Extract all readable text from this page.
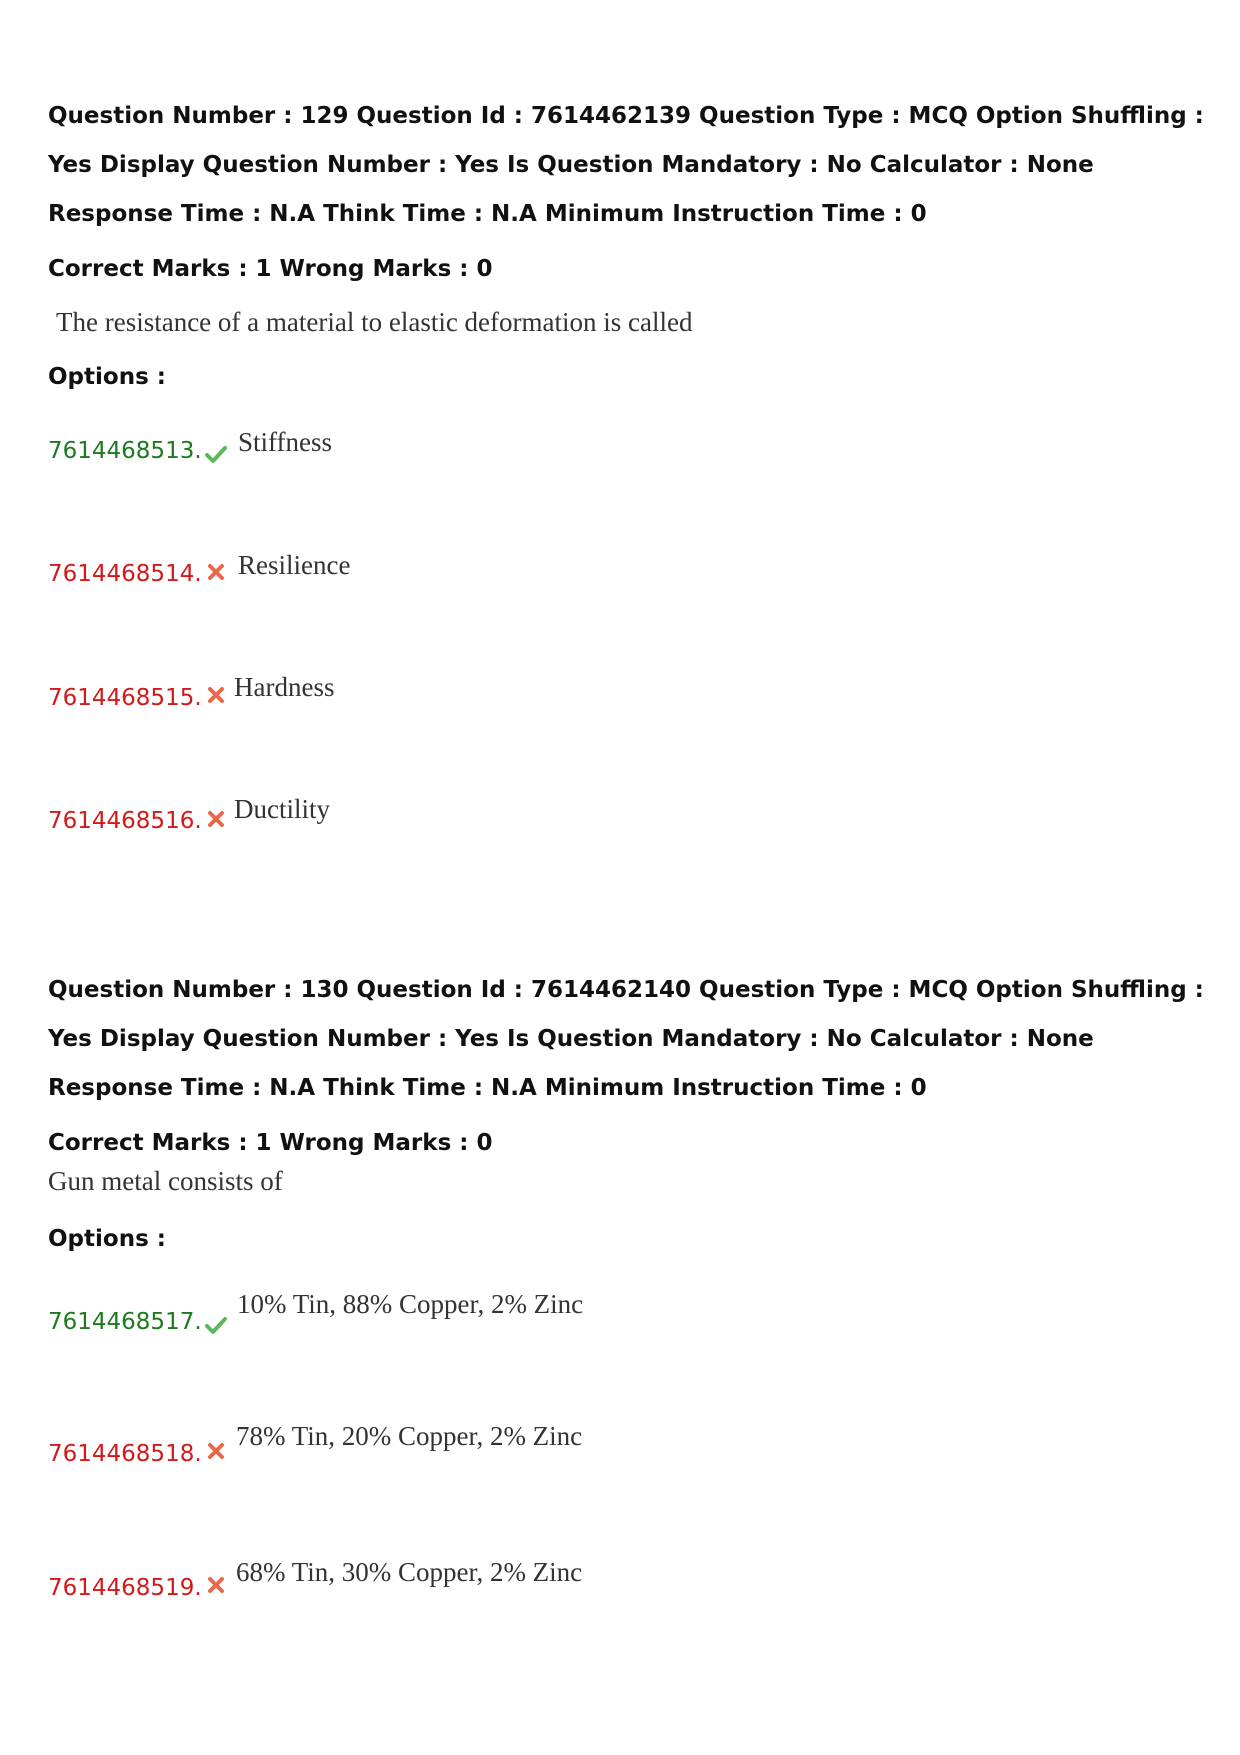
Question Number : 129 Question Id : 7614462139 Question Type : MCQ Option Shuffling : Yes Display Question Number : Yes Is Question Mandatory : No Calculator : None Response Time : N.A Think Time : N.A Minimum Instruction Time : 0
Correct Marks : 1 Wrong Marks : 0
The resistance of a material to elastic deformation is called
Options :
7614468513. Stiffness
7614468514. Resilience
7614468515. Hardness
7614468516. Ductility
Question Number : 130 Question Id : 7614462140 Question Type : MCQ Option Shuffling : Yes Display Question Number : Yes Is Question Mandatory : No Calculator : None Response Time : N.A Think Time : N.A Minimum Instruction Time : 0
Correct Marks : 1 Wrong Marks : 0
Gun metal consists of
Options :
7614468517.
10% Tin, 88% Copper, 2% Zinc
7614468518.
78% Tin, 20% Copper, 2% Zinc
7614468519.
68% Tin, 30% Copper, 2% Zinc
